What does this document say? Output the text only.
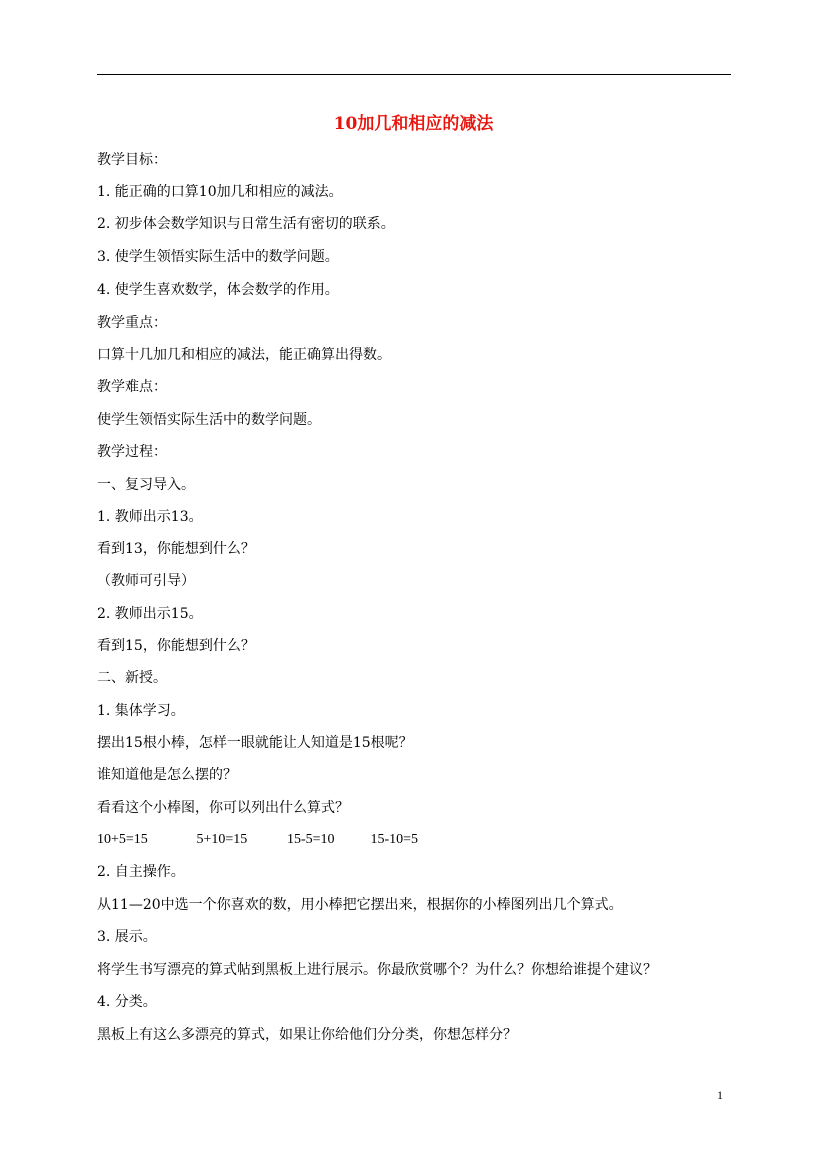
10加几和相应的减法
教学目标：
1. 能正确的口算10加几和相应的减法。
2. 初步体会数学知识与日常生活有密切的联系。
3. 使学生领悟实际生活中的数学问题。
4. 使学生喜欢数学，体会数学的作用。
教学重点：
口算十几加几和相应的减法，能正确算出得数。
教学难点：
使学生领悟实际生活中的数学问题。
教学过程：
一、复习导入。
1. 教师出示13。
看到13，你能想到什么？
（教师可引导）
2. 教师出示15。
看到15，你能想到什么？
二、新授。
1. 集体学习。
摆出15根小棒，怎样一眼就能让人知道是15根呢？
谁知道他是怎么摆的？
看看这个小棒图，你可以列出什么算式？
10+5=15	5+10=15	15-5=10	15-10=5
2. 自主操作。
从11—20中选一个你喜欢的数，用小棒把它摆出来，根据你的小棒图列出几个算式。
3. 展示。
将学生书写漂亮的算式帖到黑板上进行展示。你最欣赏哪个？为什么？你想给谁提个建议？
4. 分类。
黑板上有这么多漂亮的算式，如果让你给他们分分类，你想怎样分？
1
